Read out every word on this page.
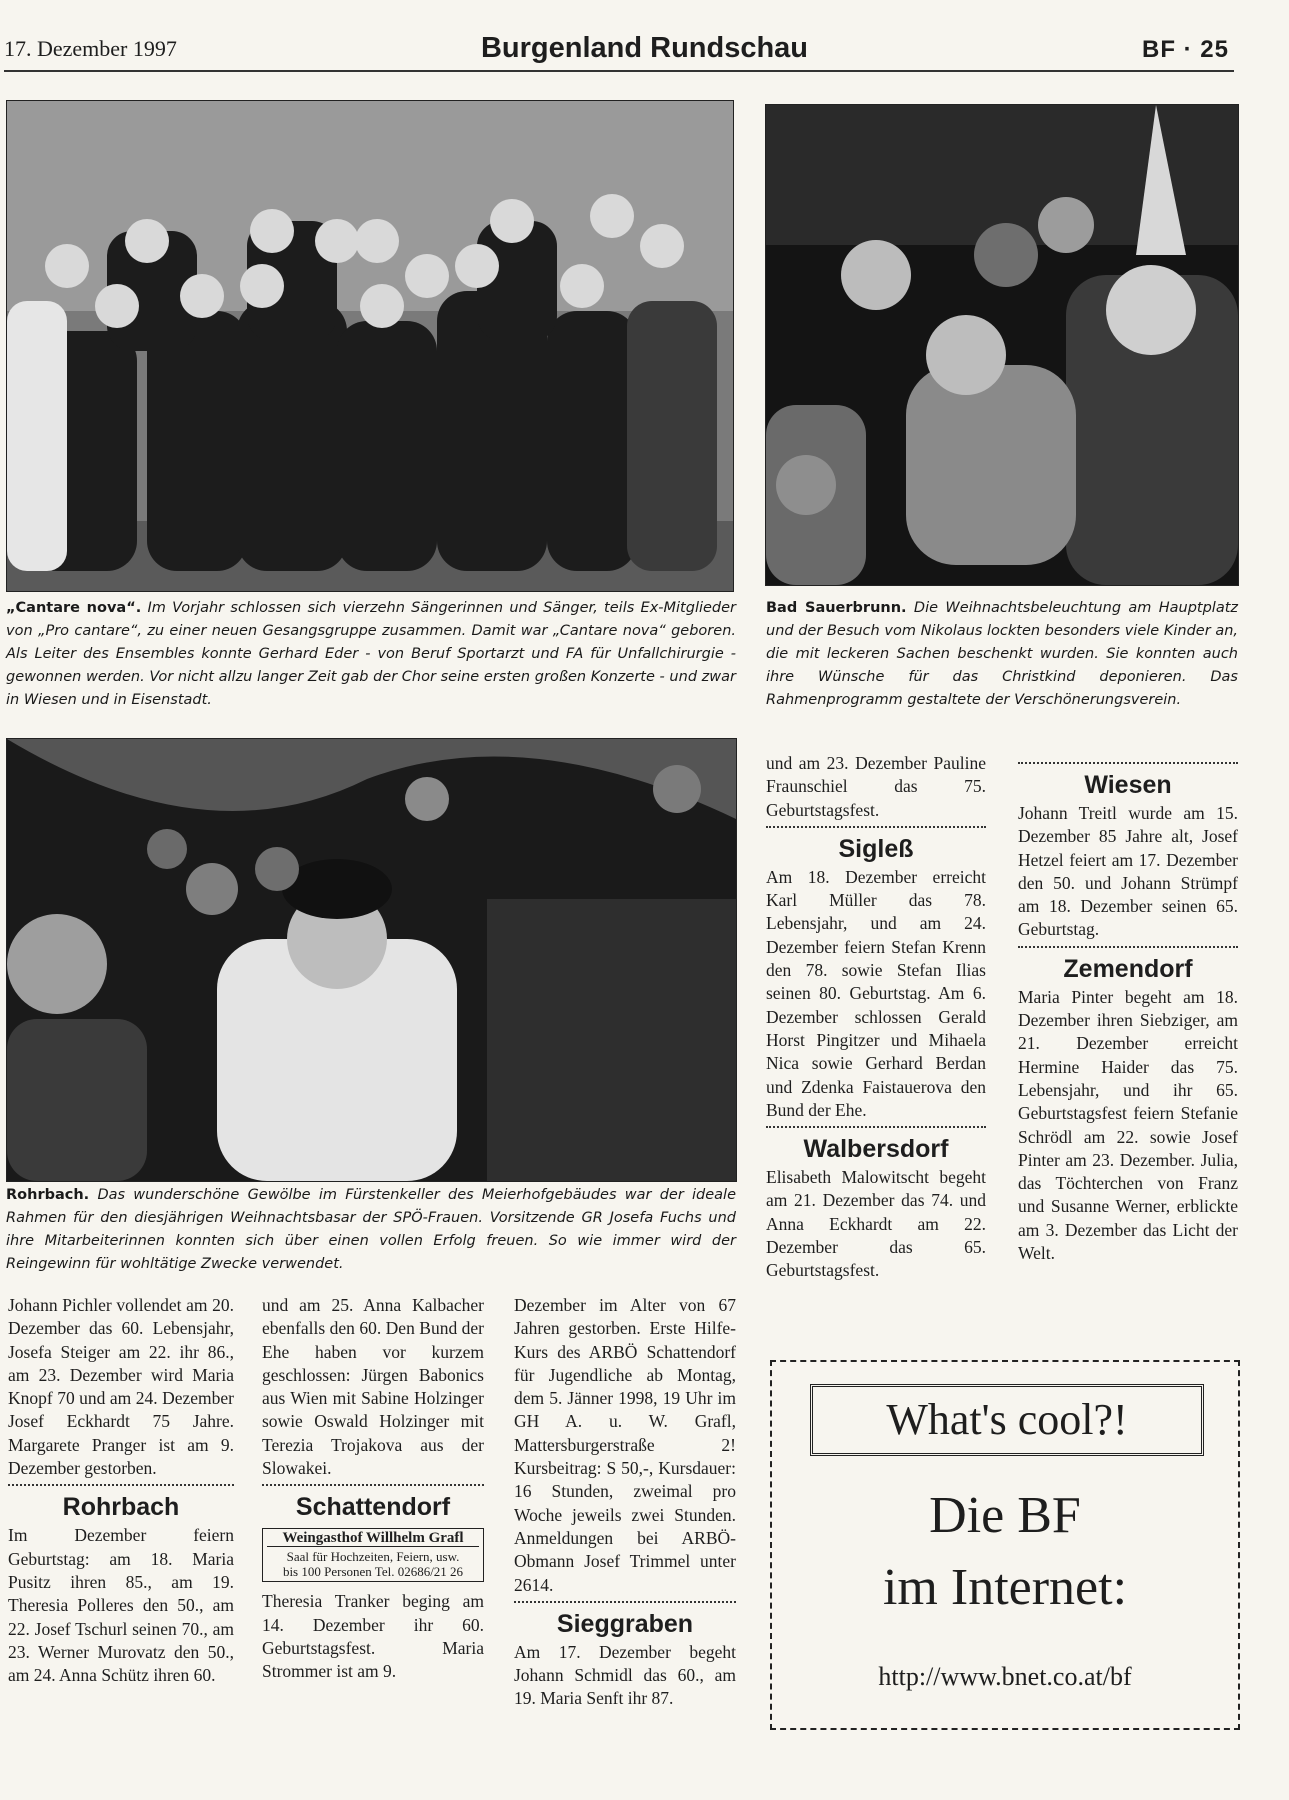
17. Dezember 1997	Burgenland Rundschau	BF · 25
„Cantare nova“. Im Vorjahr schlossen sich vierzehn Sängerinnen und Sänger, teils Ex-Mitglieder von „Pro cantare“, zu einer neuen Gesangsgruppe zusammen. Damit war „Cantare nova“ geboren. Als Leiter des Ensembles konnte Gerhard Eder - von Beruf Sportarzt und FA für Unfallchirurgie - gewonnen werden. Vor nicht allzu langer Zeit gab der Chor seine ersten großen Konzerte - und zwar in Wiesen und in Eisenstadt.
Bad Sauerbrunn. Die Weihnachtsbeleuchtung am Hauptplatz und der Besuch vom Nikolaus lockten besonders viele Kinder an, die mit leckeren Sachen beschenkt wurden. Sie konnten auch ihre Wünsche für das Christkind deponieren. Das Rahmenprogramm gestaltete der Verschönerungsverein.
Rohrbach. Das wunderschöne Gewölbe im Fürstenkeller des Meierhofgebäudes war der ideale Rahmen für den diesjährigen Weihnachtsbasar der SPÖ-Frauen. Vorsitzende GR Josefa Fuchs und ihre Mitarbeiterinnen konnten sich über einen vollen Erfolg freuen. So wie immer wird der Reingewinn für wohltätige Zwecke verwendet.

Johann Pichler vollendet am 20. Dezember das 60. Lebensjahr, Josefa Steiger am 22. ihr 86., am 23. Dezember wird Maria Knopf 70 und am 24. Dezember Josef Eckhardt 75 Jahre. Margarete Pranger ist am 9. Dezember gestorben.

Rohrbach

Im Dezember feiern Geburtstag: am 18. Maria Pusitz ihren 85., am 19. Theresia Polleres den 50., am 22. Josef Tschurl seinen 70., am 23. Werner Murovatz den 50., am 24. Anna Schütz ihren 60.

und am 25. Anna Kalbacher ebenfalls den 60. Den Bund der Ehe haben vor kurzem geschlossen: Jürgen Babonics aus Wien mit Sabine Holzinger sowie Oswald Holzinger mit Terezia Trojakova aus der Slowakei.

Schattendorf
Weingasthof Willhelm Grafl
Saal für Hochzeiten, Feiern, usw.
bis 100 Personen Tel. 02686/21 26

Theresia Tranker beging am 14. Dezember ihr 60. Geburtstagsfest. Maria Strommer ist am 9.

Dezember im Alter von 67 Jahren gestorben. Erste Hilfe-Kurs des ARBÖ Schattendorf für Jugendliche ab Montag, dem 5. Jänner 1998, 19 Uhr im GH A. u. W. Grafl, Mattersburgerstraße 2! Kursbeitrag: S 50,-, Kursdauer: 16 Stunden, zweimal pro Woche jeweils zwei Stunden. Anmeldungen bei ARBÖ-Obmann Josef Trimmel unter 2614.

Sieggraben

Am 17. Dezember begeht Johann Schmidl das 60., am 19. Maria Senft ihr 87.

und am 23. Dezember Pauline Fraunschiel das 75. Geburtstagsfest.

Sigleß

Am 18. Dezember erreicht Karl Müller das 78. Lebensjahr, und am 24. Dezember feiern Stefan Krenn den 78. sowie Stefan Ilias seinen 80. Geburtstag. Am 6. Dezember schlossen Gerald Horst Pingitzer und Mihaela Nica sowie Gerhard Berdan und Zdenka Faistauerova den Bund der Ehe.

Walbersdorf

Elisabeth Malowitscht begeht am 21. Dezember das 74. und Anna Eckhardt am 22. Dezember das 65. Geburtstagsfest.

Wiesen

Johann Treitl wurde am 15. Dezember 85 Jahre alt, Josef Hetzel feiert am 17. Dezember den 50. und Johann Strümpf am 18. Dezember seinen 65. Geburtstag.

Zemendorf

Maria Pinter begeht am 18. Dezember ihren Siebziger, am 21. Dezember erreicht Hermine Haider das 75. Lebensjahr, und ihr 65. Geburtstagsfest feiern Stefanie Schrödl am 22. sowie Josef Pinter am 23. Dezember. Julia, das Töchterchen von Franz und Susanne Werner, erblickte am 3. Dezember das Licht der Welt.

What's cool?!
Die BF
im Internet:
http://www.bnet.co.at/bf
